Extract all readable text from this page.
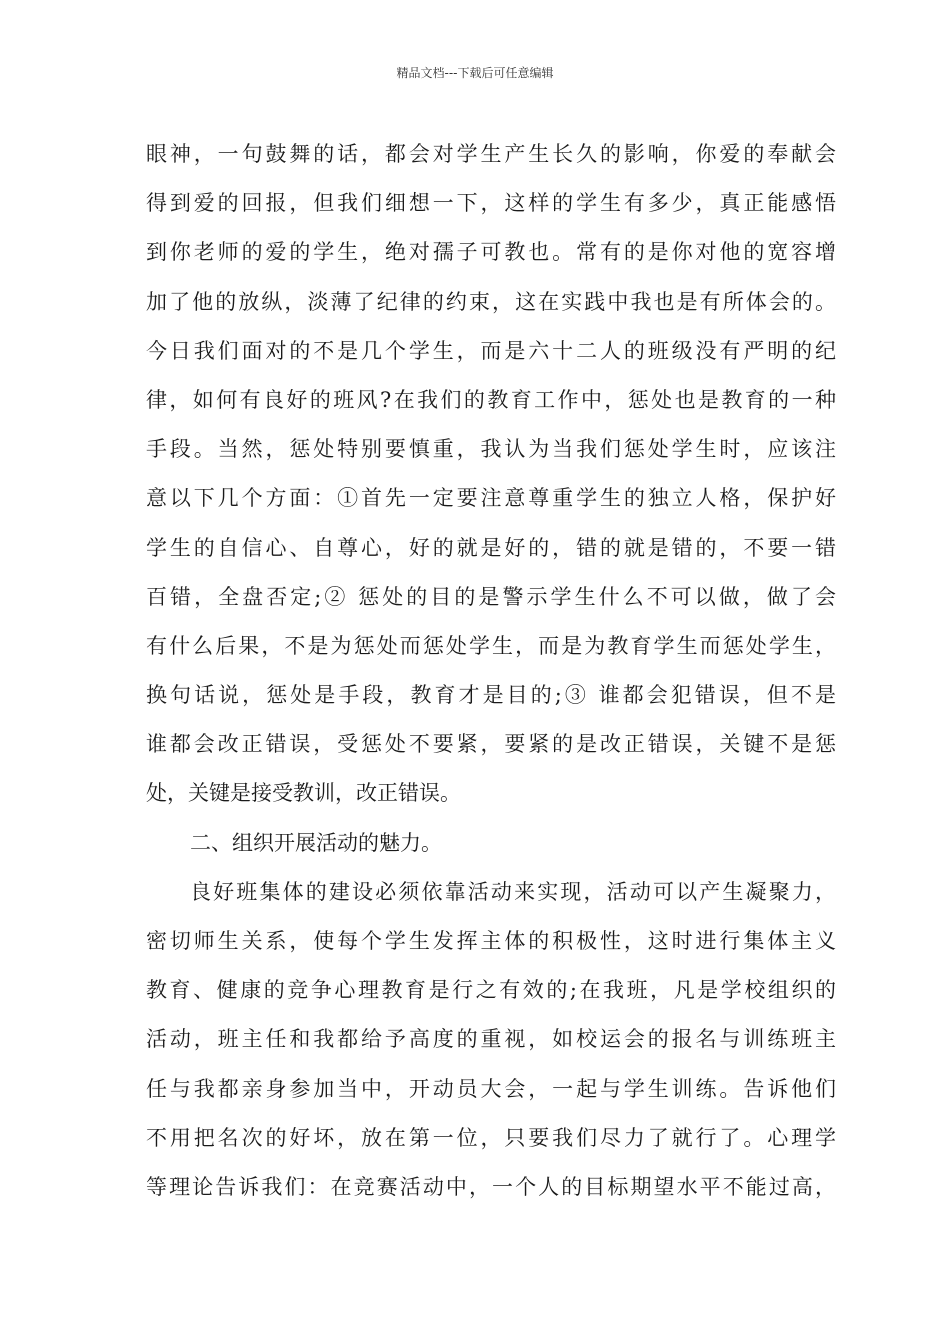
精品文档---下载后可任意编辑
眼神，一句鼓舞的话，都会对学生产生长久的影响，你爱的奉献会
得到爱的回报，但我们细想一下，这样的学生有多少，真正能感悟
到你老师的爱的学生，绝对孺子可教也。常有的是你对他的宽容增
加了他的放纵，淡薄了纪律的约束，这在实践中我也是有所体会的。
今日我们面对的不是几个学生，而是六十二人的班级没有严明的纪
律，如何有良好的班风?在我们的教育工作中，惩处也是教育的一种
手段。当然，惩处特别要慎重，我认为当我们惩处学生时，应该注
意以下几个方面：①首先一定要注意尊重学生的独立人格，保护好
学生的自信心、自尊心，好的就是好的，错的就是错的，不要一错
百错，全盘否定;② 惩处的目的是警示学生什么不可以做，做了会
有什么后果，不是为惩处而惩处学生，而是为教育学生而惩处学生，
换句话说，惩处是手段，教育才是目的;③ 谁都会犯错误，但不是
谁都会改正错误，受惩处不要紧，要紧的是改正错误，关键不是惩
处，关键是接受教训，改正错误。
二、组织开展活动的魅力。
良好班集体的建设必须依靠活动来实现，活动可以产生凝聚力，
密切师生关系，使每个学生发挥主体的积极性，这时进行集体主义
教育、健康的竞争心理教育是行之有效的;在我班，凡是学校组织的
活动，班主任和我都给予高度的重视，如校运会的报名与训练班主
任与我都亲身参加当中，开动员大会，一起与学生训练。告诉他们
不用把名次的好坏，放在第一位，只要我们尽力了就行了。心理学
等理论告诉我们：在竞赛活动中，一个人的目标期望水平不能过高，
